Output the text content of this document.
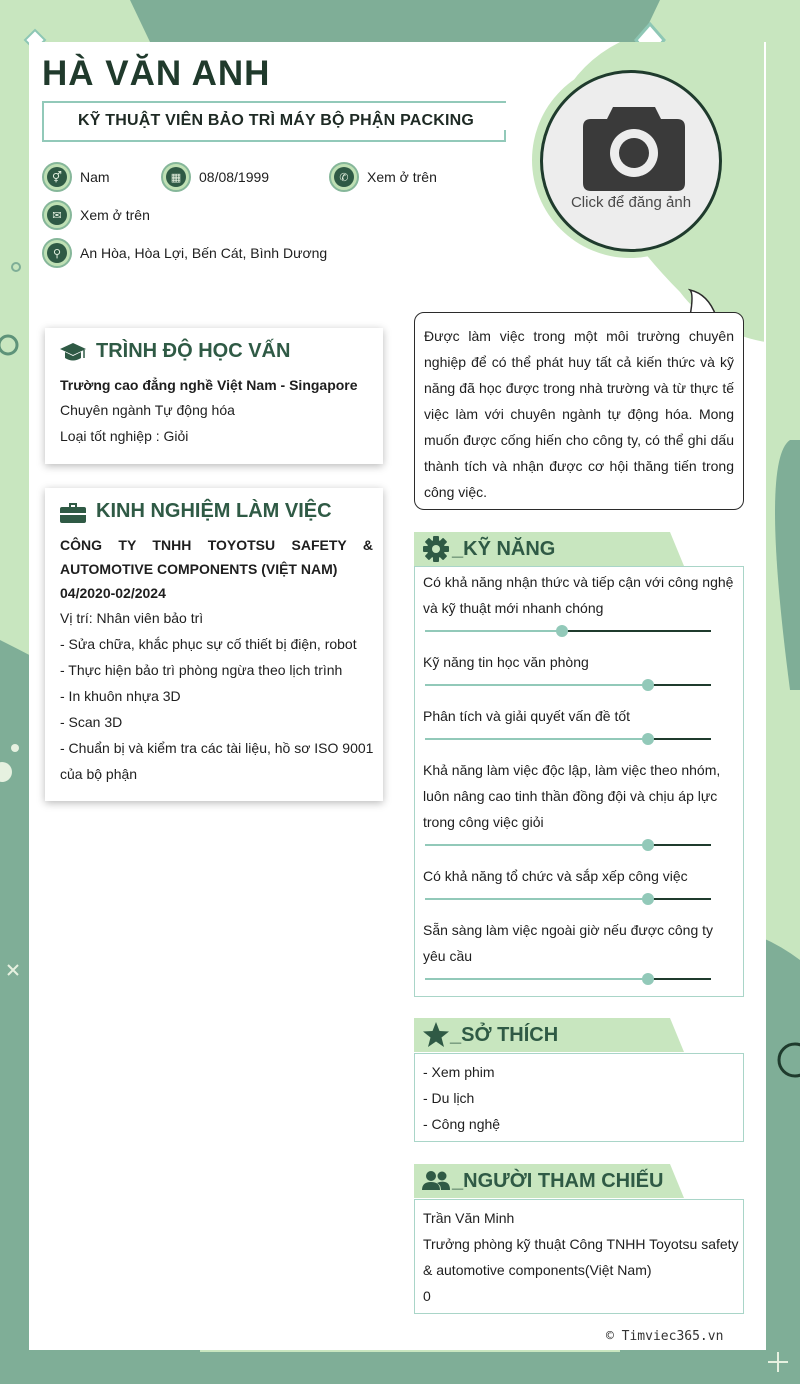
HÀ VĂN ANH
KỸ THUẬT VIÊN BẢO TRÌ MÁY BỘ PHẬN PACKING
⚥	Nam	▦	08/08/1999	✆	Xem ở trên
✉	Xem ở trên
⚲	An Hòa, Hòa Lợi, Bến Cát, Bình Dương
Click để đăng ảnh
Được làm việc trong một môi trường chuyên nghiệp để có thể phát huy tất cả kiến thức và kỹ năng đã học được trong nhà trường và từ thực tế việc làm với chuyên ngành tự động hóa. Mong muốn được cống hiến cho công ty, có thể ghi dấu thành tích và nhận được cơ hội thăng tiến trong công việc.
TRÌNH ĐỘ HỌC VẤN
Trường cao đẳng nghề Việt Nam - Singapore
Chuyên ngành Tự động hóa
Loại tốt nghiệp : Giỏi
KINH NGHIỆM LÀM VIỆC
CÔNG TY TNHH TOYOTSU SAFETY &
AUTOMOTIVE COMPONENTS (VIỆT NAM)
04/2020-02/2024
Vị trí: Nhân viên bảo trì
- Sửa chữa, khắc phục sự cố thiết bị điện, robot
- Thực hiện bảo trì phòng ngừa theo lịch trình
- In khuôn nhựa 3D
- Scan 3D
- Chuẩn bị và kiểm tra các tài liệu, hồ sơ ISO 9001
của bộ phận
_KỸ NĂNG
Có khả năng nhận thức và tiếp cận với công nghệ và kỹ thuật mới nhanh chóng
Kỹ năng tin học văn phòng
Phân tích và giải quyết vấn đề tốt
Khả năng làm việc độc lập, làm việc theo nhóm, luôn nâng cao tinh thần đồng đội và chịu áp lực trong công việc giỏi
Có khả năng tổ chức và sắp xếp công việc
Sẵn sàng làm việc ngoài giờ nếu được công ty yêu cầu
_SỞ THÍCH
- Xem phim
- Du lịch
- Công nghệ
_NGƯỜI THAM CHIẾU
Trần Văn Minh
Trưởng phòng kỹ thuật Công TNHH Toyotsu safety
& automotive components(Việt Nam)
0
© Timviec365.vn
